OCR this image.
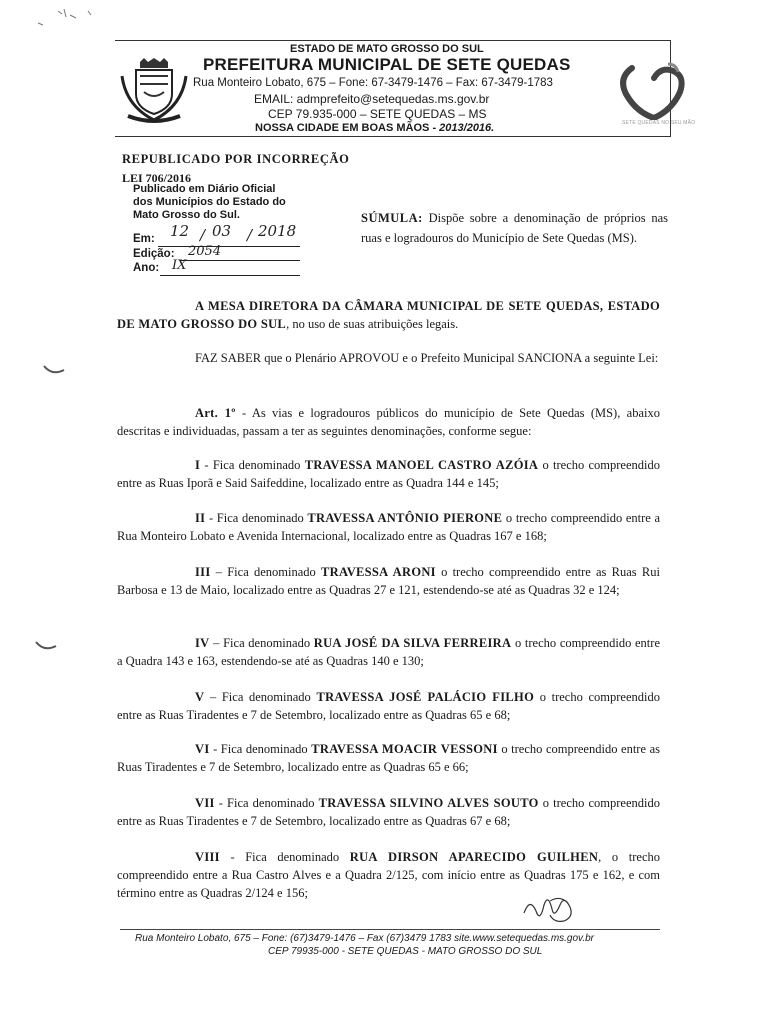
ESTADO DE MATO GROSSO DO SUL
PREFEITURA MUNICIPAL DE SETE QUEDAS
Rua Monteiro Lobato, 675 – Fone: 67-3479-1476 – Fax: 67-3479-1783
EMAIL: admprefeito@setequedas.ms.gov.br
CEP 79.935-000 – SETE QUEDAS – MS
NOSSA CIDADE EM BOAS MÃOS - 2013/2016.	SETE QUEDAS NO SEU MÃO
REPUBLICADO POR INCORREÇÃO
LEI 706/2016
Publicado em Diário Oficial
dos Municípios do Estado do
Mato Grosso do Sul.
Em: 12 / 03 / 2018
Edição: 2054
Ano: IX
SÚMULA: Dispõe sobre a denominação de próprios nas ruas e logradouros do Município de Sete Quedas (MS).
A MESA DIRETORA DA CÂMARA MUNICIPAL DE SETE QUEDAS, ESTADO DE MATO GROSSO DO SUL, no uso de suas atribuições legais.
FAZ SABER que o Plenário APROVOU e o Prefeito Municipal SANCIONA a seguinte Lei:
Art. 1º - As vias e logradouros públicos do município de Sete Quedas (MS), abaixo descritas e individuadas, passam a ter as seguintes denominações, conforme segue:
I - Fica denominado TRAVESSA MANOEL CASTRO AZÓIA o trecho compreendido entre as Ruas Iporã e Said Saifeddine, localizado entre as Quadra 144 e 145;
II - Fica denominado TRAVESSA ANTÔNIO PIERONE o trecho compreendido entre a Rua Monteiro Lobato e Avenida Internacional, localizado entre as Quadras 167 e 168;
III – Fica denominado TRAVESSA ARONI o trecho compreendido entre as Ruas Rui Barbosa e 13 de Maio, localizado entre as Quadras 27 e 121, estendendo-se até as Quadras 32 e 124;
IV – Fica denominado RUA JOSÉ DA SILVA FERREIRA o trecho compreendido entre a Quadra 143 e 163, estendendo-se até as Quadras 140 e 130;
V – Fica denominado TRAVESSA JOSÉ PALÁCIO FILHO o trecho compreendido entre as Ruas Tiradentes e 7 de Setembro, localizado entre as Quadras 65 e 68;
VI - Fica denominado TRAVESSA MOACIR VESSONI o trecho compreendido entre as Ruas Tiradentes e 7 de Setembro, localizado entre as Quadras 65 e 66;
VII - Fica denominado TRAVESSA SILVINO ALVES SOUTO o trecho compreendido entre as Ruas Tiradentes e 7 de Setembro, localizado entre as Quadras 67 e 68;
VIII - Fica denominado RUA DIRSON APARECIDO GUILHEN, o trecho compreendido entre a Rua Castro Alves e a Quadra 2/125, com início entre as Quadras 175 e 162, e com término entre as Quadras 2/124 e 156;
Rua Monteiro Lobato, 675 – Fone: (67)3479-1476 – Fax (67)3479 1783 site.www.setequedas.ms.gov.br
CEP 79935-000 - SETE QUEDAS - MATO GROSSO DO SUL
